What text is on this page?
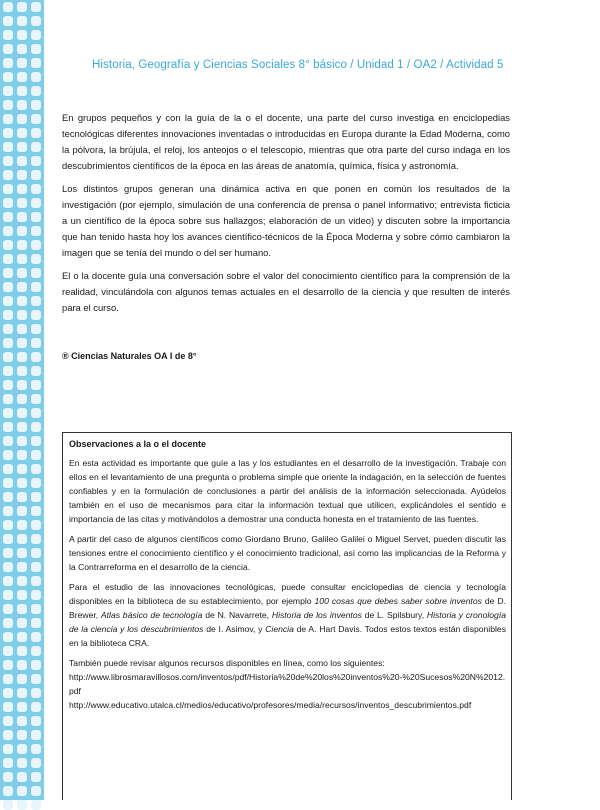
Historia, Geografía y Ciencias Sociales 8° básico / Unidad 1 / OA2 / Actividad 5

En grupos pequeños y con la guía de la o el docente, una parte del curso investiga en enciclopedias tecnológicas diferentes innovaciones inventadas o introducidas en Europa durante la Edad Moderna, como la pólvora, la brújula, el reloj, los anteojos o el telescopio, mientras que otra parte del curso indaga en los descubrimientos científicos de la época en las áreas de anatomía, química, física y astronomía.

Los distintos grupos generan una dinámica activa en que ponen en común los resultados de la investigación (por ejemplo, simulación de una conferencia de prensa o panel informativo; entrevista ficticia a un científico de la época sobre sus hallazgos; elaboración de un video) y discuten sobre la importancia que han tenido hasta hoy los avances científico-técnicos de la Época Moderna y sobre cómo cambiaron la imagen que se tenía del mundo o del ser humano.

El o la docente guía una conversación sobre el valor del conocimiento científico para la comprensión de la realidad, vinculándola con algunos temas actuales en el desarrollo de la ciencia y que resulten de interés para el curso.

® Ciencias Naturales OA I de 8°
Observaciones a la o el docente

En esta actividad es importante que guíe a las y los estudiantes en el desarrollo de la investigación. Trabaje con ellos en el levantamiento de una pregunta o problema simple que oriente la indagación, en la selección de fuentes confiables y en la formulación de conclusiones a partir del análisis de la información seleccionada. Ayúdelos también en el uso de mecanismos para citar la información textual que utilicen, explicándoles el sentido e importancia de las citas y motivándolos a demostrar una conducta honesta en el tratamiento de las fuentes.

A partir del caso de algunos científicos como Giordano Bruno, Galileo Galilei o Miguel Servet, pueden discutir las tensiones entre el conocimiento científico y el conocimiento tradicional, así como las implicancias de la Reforma y la Contrarreforma en el desarrollo de la ciencia.

Para el estudio de las innovaciones tecnológicas, puede consultar enciclopedias de ciencia y tecnología disponibles en la biblioteca de su establecimiento, por ejemplo 100 cosas que debes saber sobre inventos de D. Brewer, Atlas básico de tecnología de N. Navarrete, Historia de los inventos de L. Spilsbury, Historia y cronología de la ciencia y los descubrimientos de I. Asimov, y Ciencia de A. Hart Davis. Todos estos textos están disponibles en la biblioteca CRA.

También puede revisar algunos recursos disponibles en línea, como los siguientes:
http://www.librosmaravillosos.com/inventos/pdf/Historia%20de%20los%20inventos%20-%20Sucesos%20N%2012.pdf
http://www.educativo.utalca.cl/medios/educativo/profesores/media/recursos/inventos_descubrimientos.pdf
